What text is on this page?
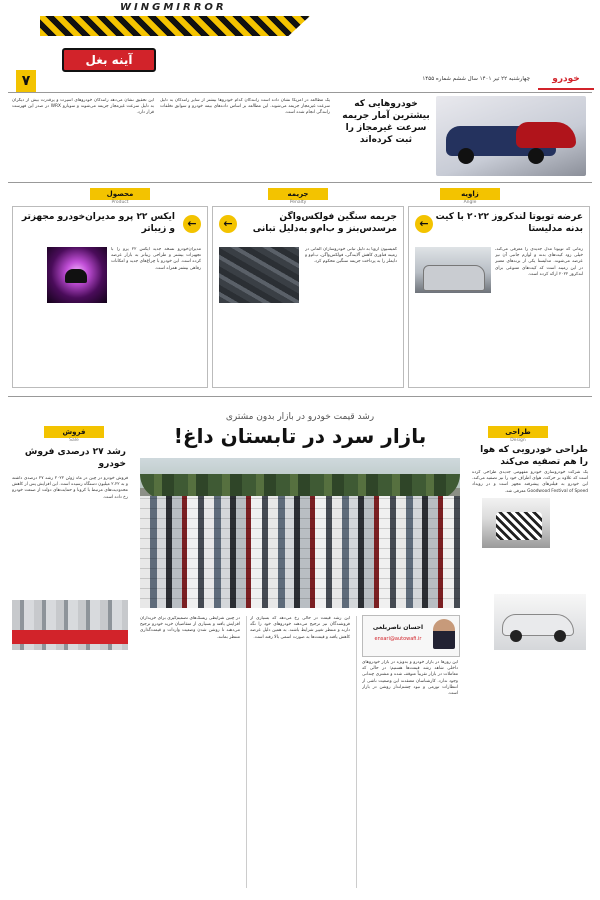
WINGMIRROR
آینه بغل
۷	خودرو
چهارشنبه ۲۲ تیر ۱۴۰۱ سال ششم شماره ۱۴۵۵
خودروهایی که بیشترین آمار جریمه سرعت غیرمجاز را ثبت کرده‌اند
یک مطالعه در آمریکا نشان داده است رانندگان کدام خودروها بیشتر از سایر رانندگان به دلیل سرعت غیرمجاز جریمه می‌شوند. این مطالعه بر اساس داده‌های بیمه خودرو و سوابق تخلفات رانندگی انجام شده است.
این تحقیق نشان می‌دهد رانندگان خودروهای اسپرت و پرقدرت بیش از دیگران به دلیل سرعت غیرمجاز جریمه می‌شوند و سوبارو WRX در صدر این فهرست قرار دارد.
زاویه
Angle
← عرضه تویوتا لندکروز ۲۰۲۲ با کیت بدنه مدلیستا
زمانی که تویوتا مدل جدیدی را معرفی می‌کند، خیلی زود کیت‌های بدنه و لوازم جانبی آن نیز عرضه می‌شوند. مدلیستا یکی از برندهای معتبر در این زمینه است که کیت‌های متنوعی برای لندکروز ۲۰۲۲ ارائه کرده است.
جریمه
Penalty
←	جریمه سنگین فولکس‌واگن مرسدس‌بنز و ب‌ام‌و به‌دلیل تبانی
کمیسیون اروپا به دلیل تبانی خودروسازان آلمانی در زمینه فناوری کاهش آلایندگی، فولکس‌واگن، ب‌ام‌و و دایملر را به پرداخت جریمه سنگین محکوم کرد.
محصول
Product
←
ایکس ۲۲ پرو مدیران‌خودرو مجهزتر و زیباتر
مدیران‌خودرو نسخه جدید ایکس ۲۲ پرو را با تجهیزات بیشتر و طراحی زیباتر به بازار عرضه کرده است. این خودرو با چراغ‌های جدید و امکانات رفاهی بیشتر همراه است.
طراحی
Design
طراحی خودرویی که هوا را هم تصفیه می‌کند
یک شرکت خودروسازی خودرو مفهومی جدیدی طراحی کرده است که علاوه بر حرکت، هوای اطراف خود را نیز تصفیه می‌کند. این خودرو به فیلترهای پیشرفته مجهز است و در رویداد Goodwood Festival of Speed معرفی شد.
فروش
Sale
رشد ۲۷ درصدی فروش خودرو
فروش خودرو در چین در ماه ژوئن ۲۰۲۲ رشد ۲۷ درصدی داشته و به ۲.۲۲ میلیون دستگاه رسیده است. این افزایش پس از کاهش محدودیت‌های مرتبط با کرونا و حمایت‌های دولت از صنعت خودرو رخ داده است.
رشد قیمت خودرو در بازار بدون مشتری
بازار سرد در تابستان داغ!
احسان ناصربلغی
ensari@autowafi.ir
این روزها در بازار خودرو و به‌ویژه در بازار خودروهای داخلی شاهد رشد قیمت‌ها هستیم؛ در حالی که معاملات در بازار تقریباً متوقف شده و مشتری چندانی وجود ندارد. کارشناسان معتقدند این وضعیت ناشی از انتظارات تورمی و نبود چشم‌انداز روشن در بازار است.
این رشد قیمت در حالی رخ می‌دهد که بسیاری از فروشندگان نیز ترجیح می‌دهند خودروهای خود را نگه دارند و منتظر تغییر شرایط باشند. به همین دلیل عرضه کاهش یافته و قیمت‌ها به صورت اسمی بالا رفته است.
در چنین شرایطی ریسک‌های تصمیم‌گیری برای خریداران افزایش یافته و بسیاری از متقاضیان خرید خودرو ترجیح می‌دهند تا روشن شدن وضعیت واردات و قیمت‌گذاری منتظر بمانند.
